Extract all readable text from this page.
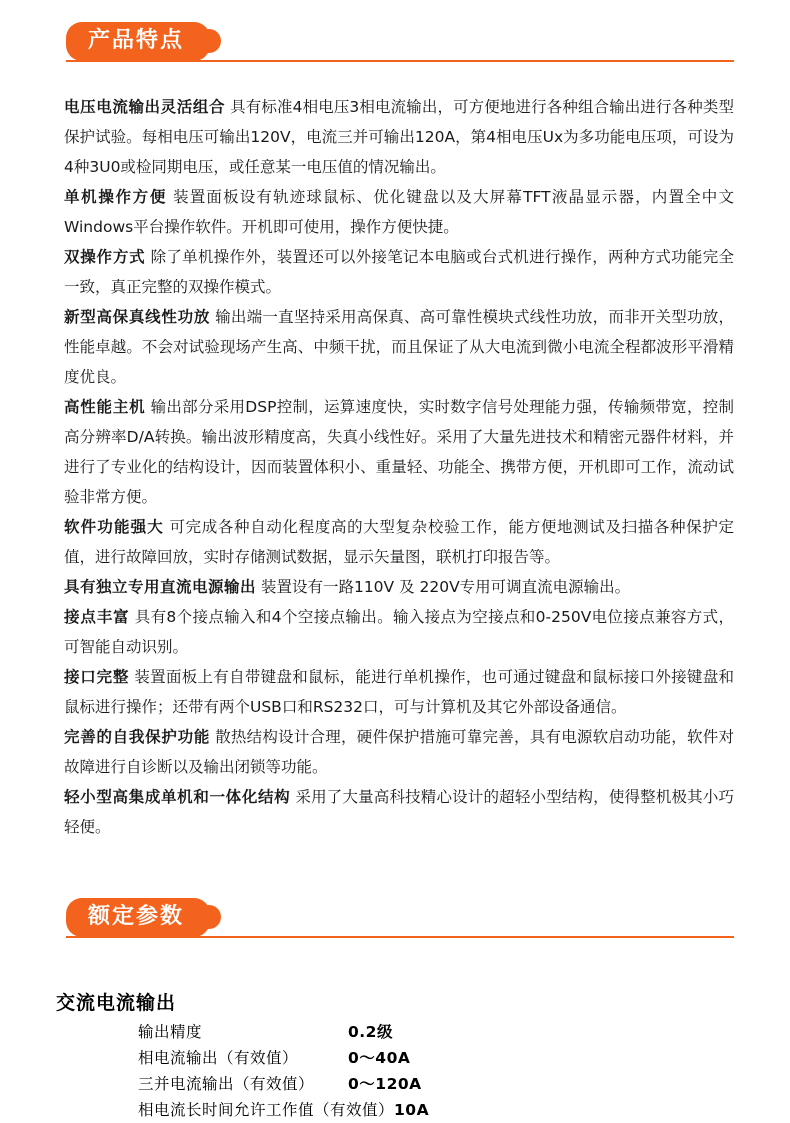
产品特点

电压电流输出灵活组合 具有标准4相电压3相电流输出，可方便地进行各种组合输出进行各种类型保护试验。每相电压可输出120V，电流三并可输出120A，第4相电压Ux为多功能电压项，可设为4种3U0或检同期电压，或任意某一电压值的情况输出。

单机操作方便 装置面板设有轨迹球鼠标、优化键盘以及大屏幕TFT液晶显示器，内置全中文Windows平台操作软件。开机即可使用，操作方便快捷。

双操作方式 除了单机操作外，装置还可以外接笔记本电脑或台式机进行操作，两种方式功能完全一致，真正完整的双操作模式。

新型高保真线性功放 输出端一直坚持采用高保真、高可靠性模块式线性功放，而非开关型功放，性能卓越。不会对试验现场产生高、中频干扰，而且保证了从大电流到微小电流全程都波形平滑精度优良。

高性能主机 输出部分采用DSP控制，运算速度快，实时数字信号处理能力强，传输频带宽，控制高分辨率D/A转换。输出波形精度高，失真小线性好。采用了大量先进技术和精密元器件材料，并进行了专业化的结构设计，因而装置体积小、重量轻、功能全、携带方便，开机即可工作，流动试验非常方便。

软件功能强大 可完成各种自动化程度高的大型复杂校验工作，能方便地测试及扫描各种保护定值，进行故障回放，实时存储测试数据，显示矢量图，联机打印报告等。

具有独立专用直流电源输出 装置设有一路110V 及 220V专用可调直流电源输出。

接点丰富 具有8个接点输入和4个空接点输出。输入接点为空接点和0-250V电位接点兼容方式，可智能自动识别。

接口完整 装置面板上有自带键盘和鼠标，能进行单机操作，也可通过键盘和鼠标接口外接键盘和鼠标进行操作；还带有两个USB口和RS232口，可与计算机及其它外部设备通信。

完善的自我保护功能 散热结构设计合理，硬件保护措施可靠完善，具有电源软启动功能，软件对故障进行自诊断以及输出闭锁等功能。

轻小型高集成单机和一体化结构 采用了大量高科技精心设计的超轻小型结构，使得整机极其小巧轻便。

额定参数
交流电流输出
输出精度	0.2级
相电流输出（有效值）	0～40A
三并电流输出（有效值）	0～120A
相电流长时间允许工作值（有效值） 10A
